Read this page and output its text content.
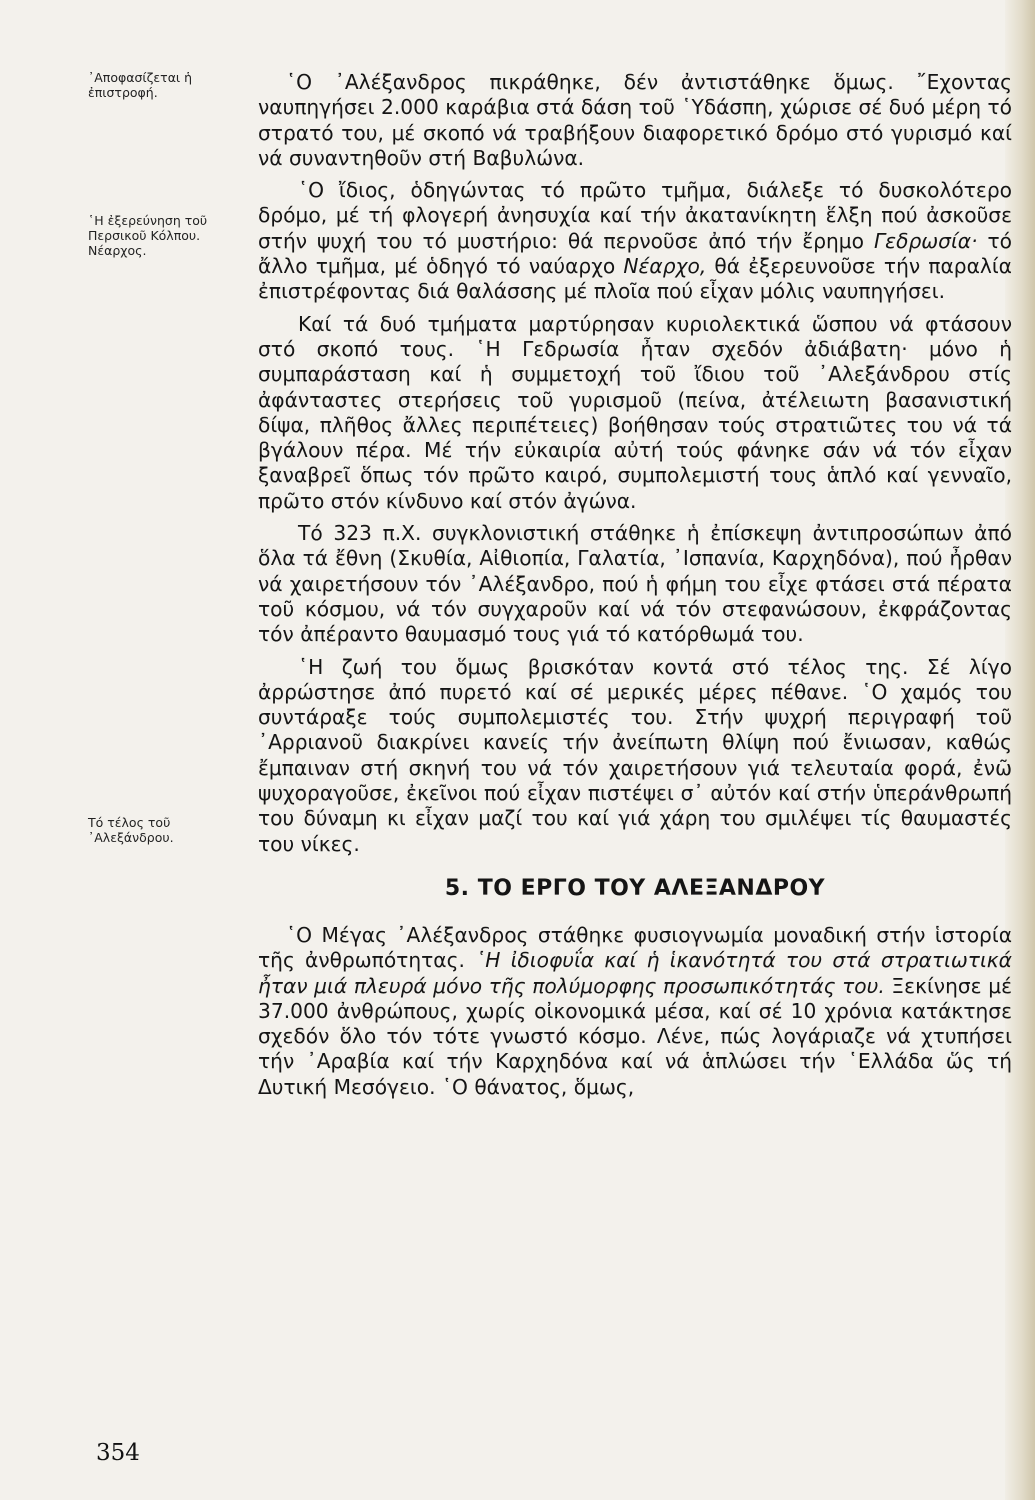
᾿Αποφασίζεται ἡ ἐπιστροφή.
῾Η ἐξερεύνηση τοῦ Περσικοῦ Κόλπου. Νέαρχος.
Τό τέλος τοῦ ᾿Αλεξάνδρου.

῾Ο ᾿Αλέξανδρος πικράθηκε, δέν ἀντιστάθηκε ὅμως. ῎Εχοντας ναυπηγήσει 2.000 καράβια στά δάση τοῦ ῾Υδάσπη, χώρισε σέ δυό μέρη τό στρατό του, μέ σκοπό νά τραβήξουν διαφορετικό δρόμο στό γυρισμό καί νά συναντηθοῦν στή Βαβυλώνα.

῾Ο ἴδιος, ὁδηγώντας τό πρῶτο τμῆμα, διάλεξε τό δυσκολότερο δρόμο, μέ τή φλογερή ἀνησυχία καί τήν ἀκατανίκητη ἕλξη πού ἀσκοῦσε στήν ψυχή του τό μυστήριο: θά περνοῦσε ἀπό τήν ἔρημο Γεδρωσία· τό ἄλλο τμῆμα, μέ ὁδηγό τό ναύαρχο Νέαρχο, θά ἐξερευνοῦσε τήν παραλία ἐπιστρέφοντας διά θαλάσσης μέ πλοῖα πού εἶχαν μόλις ναυπηγήσει.

Καί τά δυό τμήματα μαρτύρησαν κυριολεκτικά ὥσπου νά φτάσουν στό σκοπό τους. ῾Η Γεδρωσία ἦταν σχεδόν ἀδιάβατη· μόνο ἡ συμπαράσταση καί ἡ συμμετοχή τοῦ ἴδιου τοῦ ᾿Αλεξάνδρου στίς ἀφάνταστες στερήσεις τοῦ γυρισμοῦ (πείνα, ἀτέλειωτη βασανιστική δίψα, πλῆθος ἄλλες περιπέτειες) βοήθησαν τούς στρατιῶτες του νά τά βγάλουν πέρα. Μέ τήν εὐκαιρία αὐτή τούς φάνηκε σάν νά τόν εἶχαν ξαναβρεῖ ὅπως τόν πρῶτο καιρό, συμπολεμιστή τους ἁπλό καί γενναῖο, πρῶτο στόν κίνδυνο καί στόν ἀγώνα.

Τό 323 π.Χ. συγκλονιστική στάθηκε ἡ ἐπίσκεψη ἀντιπροσώπων ἀπό ὅλα τά ἔθνη (Σκυθία, Αἰθιοπία, Γαλατία, ᾿Ισπανία, Καρχηδόνα), πού ἦρθαν νά χαιρετήσουν τόν ᾿Αλέξανδρο, πού ἡ φήμη του εἶχε φτάσει στά πέρατα τοῦ κόσμου, νά τόν συγχαροῦν καί νά τόν στεφανώσουν, ἐκφράζοντας τόν ἀπέραντο θαυμασμό τους γιά τό κατόρθωμά του.

῾Η ζωή του ὅμως βρισκόταν κοντά στό τέλος της. Σέ λίγο ἀρρώστησε ἀπό πυρετό καί σέ μερικές μέρες πέθανε. ῾Ο χαμός του συντάραξε τούς συμπολεμιστές του. Στήν ψυχρή περιγραφή τοῦ ᾿Αρριανοῦ διακρίνει κανείς τήν ἀνείπωτη θλίψη πού ἔνιωσαν, καθώς ἔμπαιναν στή σκηνή του νά τόν χαιρετήσουν γιά τελευταία φορά, ἐνῶ ψυχοραγοῦσε, ἐκεῖνοι πού εἶχαν πιστέψει σ᾿ αὐτόν καί στήν ὑπεράνθρωπή του δύναμη κι εἶχαν μαζί του καί γιά χάρη του σμιλέψει τίς θαυμαστές του νίκες.

5. ΤΟ ΕΡΓΟ ΤΟΥ ΑΛΕΞΑΝΔΡΟΥ

῾Ο Μέγας ᾿Αλέξανδρος στάθηκε φυσιογνωμία μοναδική στήν ἱστορία τῆς ἀνθρωπότητας. ῾Η ἰδιοφυΐα καί ἡ ἱκανότητά του στά στρατιωτικά ἦταν μιά πλευρά μόνο τῆς πολύμορφης προσωπικότητάς του. Ξεκίνησε μέ 37.000 ἀνθρώπους, χωρίς οἰκονομικά μέσα, καί σέ 10 χρόνια κατάκτησε σχεδόν ὅλο τόν τότε γνωστό κόσμο. Λένε, πώς λογάριαζε νά χτυπήσει τήν ᾿Αραβία καί τήν Καρχηδόνα καί νά ἁπλώσει τήν ῾Ελλάδα ὥς τή Δυτική Μεσόγειο. ῾Ο θάνατος, ὅμως,

354
